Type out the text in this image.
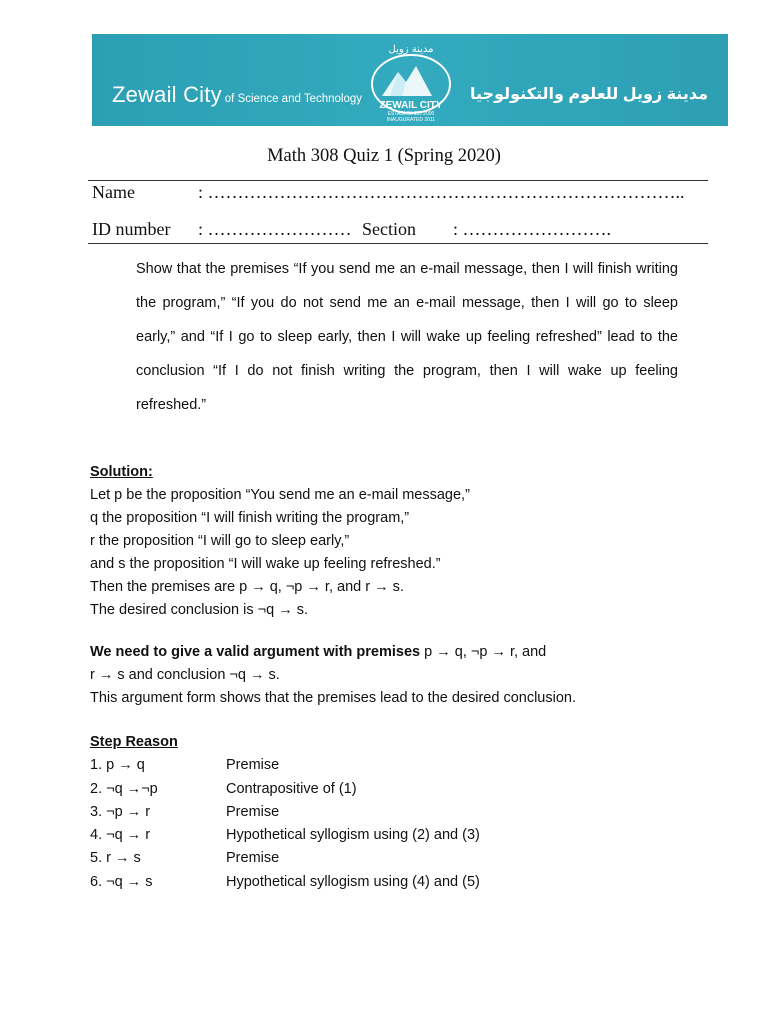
Zewail City of Science and Technology
مدينة زويل
ZEWAIL CITY
ESTABLISHED 2000
INAUGURATED 2011
مدينة زويل للعلوم والتكنولوجيا
Math 308 Quiz 1 (Spring 2020)
Name	: ……………………………………………………………………..
ID number : …………………… Section : …………………….
Show that the premises “If you send me an e-mail message, then I will finish writing the program,” “If you do not send me an e-mail message, then I will go to sleep early,” and “If I go to sleep early, then I will wake up feeling refreshed” lead to the conclusion “If I do not finish writing the program, then I will wake up feeling refreshed.”
Solution:
Let p be the proposition “You send me an e-mail message,”
q the proposition “I will finish writing the program,”
r the proposition “I will go to sleep early,”
and s the proposition “I will wake up feeling refreshed.”
Then the premises are p → q, ¬p → r, and r → s.
The desired conclusion is ¬q → s.
We need to give a valid argument with premises p → q, ¬p → r, and
r → s and conclusion ¬q → s.
This argument form shows that the premises lead to the desired conclusion.
Step Reason
1. p → q	Premise
2. ¬q →¬p	Contrapositive of (1)
3. ¬p → r	Premise
4. ¬q → r	Hypothetical syllogism using (2) and (3)
5. r → s	Premise
6. ¬q → s	Hypothetical syllogism using (4) and (5)
